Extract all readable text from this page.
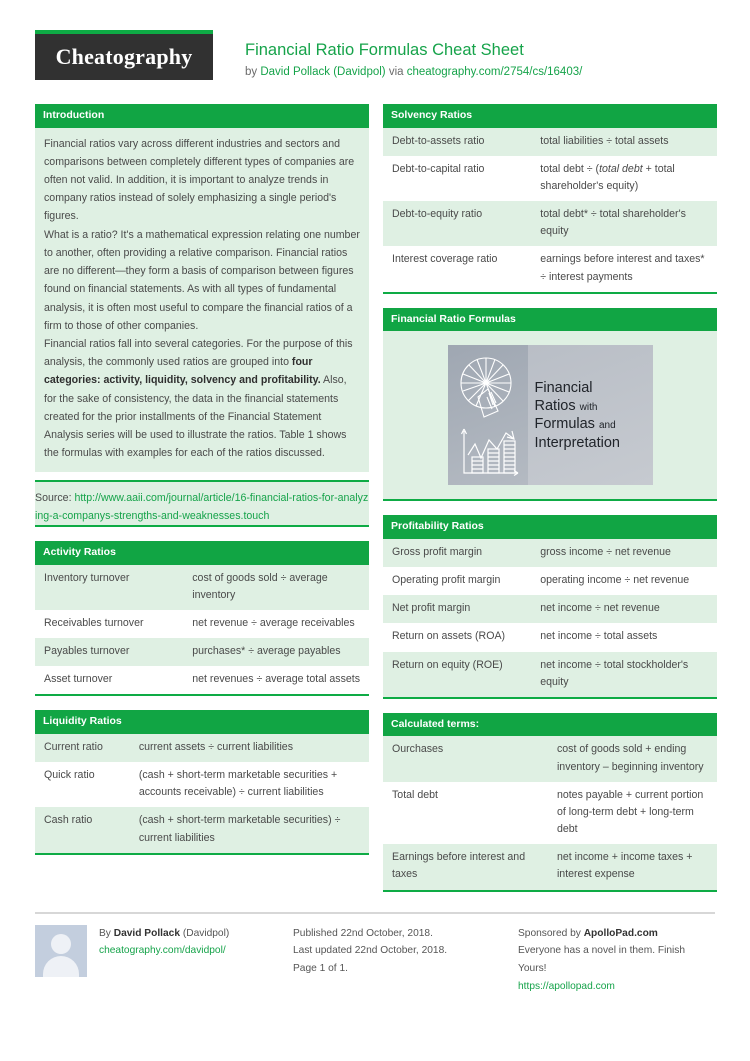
Cheatography	Financial Ratio Formulas Cheat Sheet
by David Pollack (Davidpol) via cheatography.com/2754/cs/16403/
Introduction

Financial ratios vary across different industries and sectors and comparisons between completely different types of companies are often not valid. In addition, it is important to analyze trends in company ratios instead of solely emphasizing a single period's figures.

What is a ratio? It's a mathematical expression relating one number to another, often providing a relative comparison. Financial ratios are no different—they form a basis of comparison between figures found on financial statements. As with all types of fundamental analysis, it is often most useful to compare the financial ratios of a firm to those of other companies.

Financial ratios fall into several categories. For the purpose of this analysis, the commonly used ratios are grouped into four categories: activity, liquidity, solvency and profitability. Also, for the sake of consistency, the data in the financial statements created for the prior installments of the Financial Statement Analysis series will be used to illustrate the ratios. Table 1 shows the formulas with examples for each of the ratios discussed.

Source: http://www.aaii.com/journal/article/16-financial-ratios-for-analyzing-a-companys-strengths-and-weaknesses.touch
Activity Ratios
Inventory turnover	cost of goods sold ÷ average inventory
Receivables turnover	net revenue ÷ average receivables
Payables turnover	purchases* ÷ average payables
Asset turnover	net revenues ÷ average total assets
Liquidity Ratios
Current ratio	current assets ÷ current liabilities
Quick ratio	(cash + short-term marketable securities + accounts receivable) ÷ current liabilities
Cash ratio	(cash + short-term marketable securities) ÷ current liabilities
Solvency Ratios
Debt-to-assets ratio	total liabilities ÷ total assets
Debt-to-capital ratio	total debt ÷ (total debt + total shareholder's equity)
Debt-to-equity ratio	total debt* ÷ total shareholder's equity
Interest coverage ratio	earnings before interest and taxes* ÷ interest payments
Financial Ratio Formulas
Financial
Ratios with
Formulas and
Interpretation
Profitability Ratios
Gross profit margin	gross income ÷ net revenue
Operating profit margin	operating income ÷ net revenue
Net profit margin	net income ÷ net revenue
Return on assets (ROA)	net income ÷ total assets
Return on equity (ROE)	net income ÷ total stockholder's equity
Calculated terms:
Ourchases	cost of goods sold + ending inventory – beginning inventory
Total debt	notes payable + current portion of long-term debt + long-term debt
Earnings before interest and taxes	net income + income taxes + interest expense
By David Pollack (Davidpol)
cheatography.com/davidpol/
Published 22nd October, 2018.
Last updated 22nd October, 2018.
Page 1 of 1.
Sponsored by ApolloPad.com
Everyone has a novel in them. Finish Yours!
https://apollopad.com
